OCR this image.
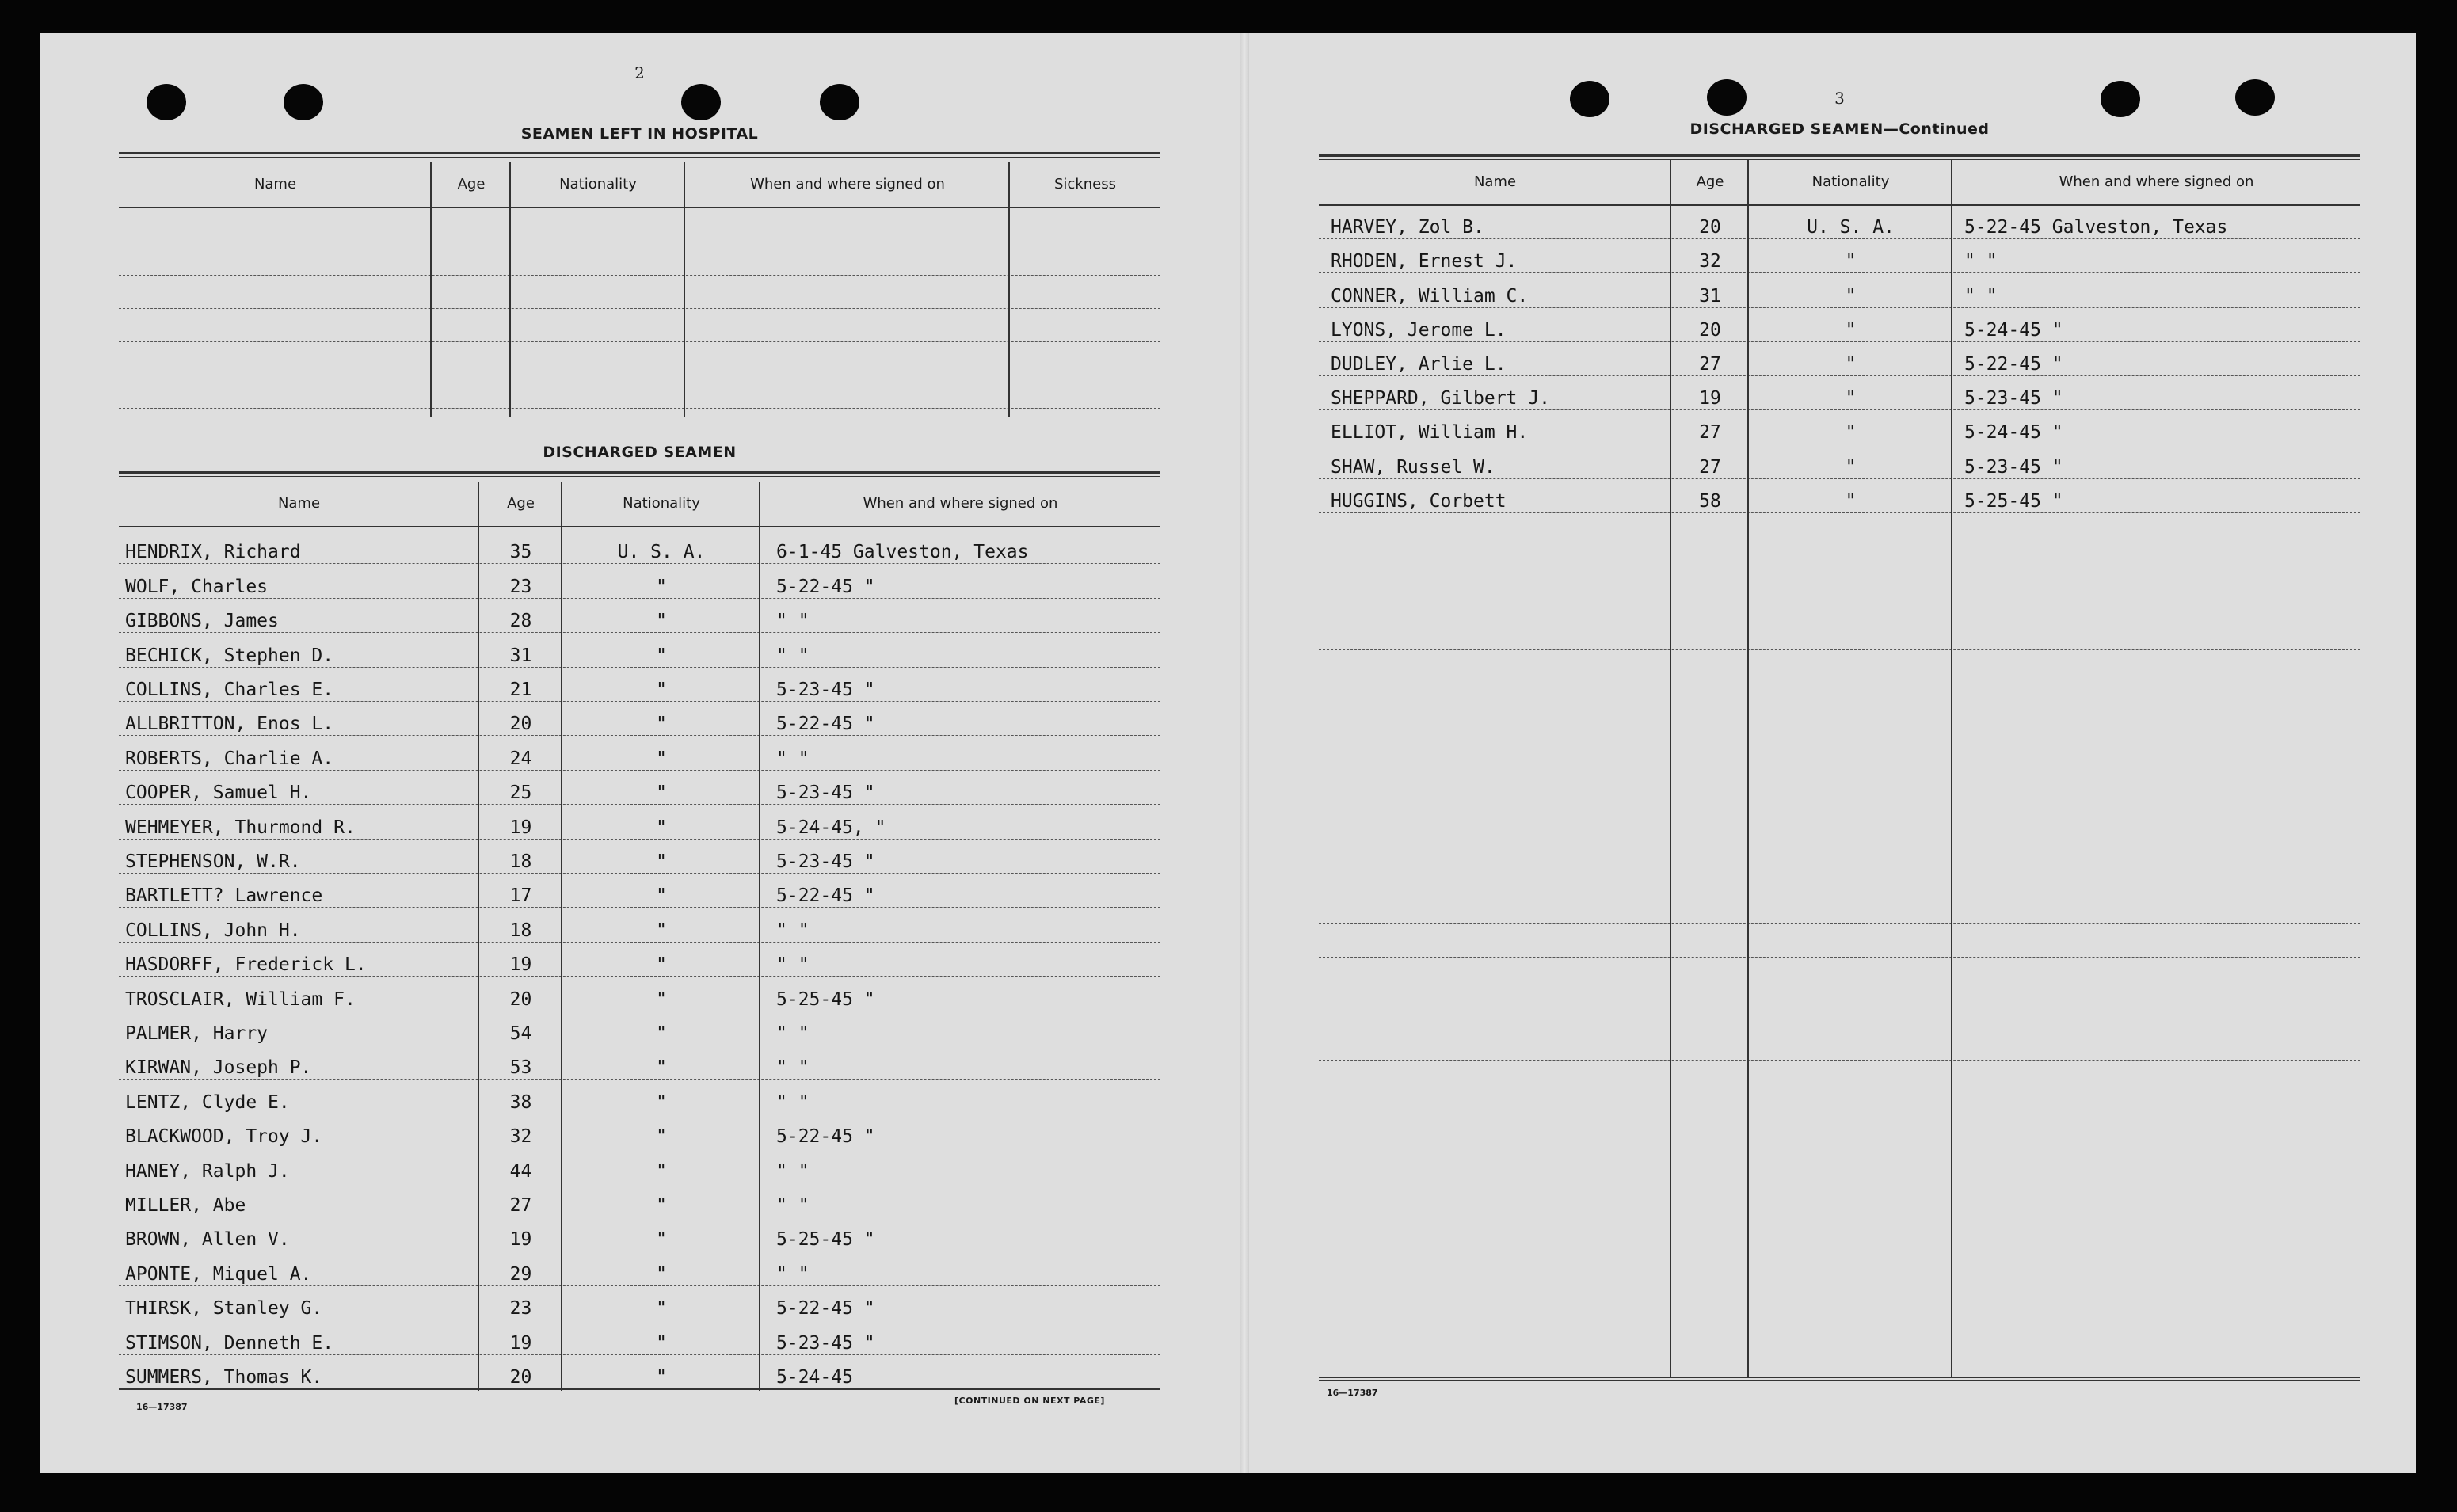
2
SEAMEN LEFT IN HOSPITAL
Name	Age	Nationality	When and where signed on	Sickness
DISCHARGED SEAMEN
Name	Age	Nationality	When and where signed on
HENDRIX, Richard	35	U. S. A.	6-1-45 Galveston, Texas
WOLF, Charles	23	"	5-22-45 "
GIBBONS, James	28	"	" "
BECHICK, Stephen D.	31	"	" "
COLLINS, Charles E.	21	"	5-23-45 "
ALLBRITTON, Enos L.	20	"	5-22-45 "
ROBERTS, Charlie A.	24	"	" "
COOPER, Samuel H.	25	"	5-23-45 "
WEHMEYER, Thurmond R.	19	"	5-24-45, "
STEPHENSON, W.R.	18	"	5-23-45 "
BARTLETT? Lawrence	17	"	5-22-45 "
COLLINS, John H.	18	"	" "
HASDORFF, Frederick L.	19	"	" "
TROSCLAIR, William F.	20	"	5-25-45 "
PALMER, Harry	54	"	" "
KIRWAN, Joseph P.	53	"	" "
LENTZ, Clyde E.	38	"	" "
BLACKWOOD, Troy J.	32	"	5-22-45 "
HANEY, Ralph J.	44	"	" "
MILLER, Abe	27	"	" "
BROWN, Allen V.	19	"	5-25-45 "
APONTE, Miquel A.	29	"	" "
THIRSK, Stanley G.	23	"	5-22-45 "
STIMSON, Denneth E.	19	"	5-23-45 "
SUMMERS, Thomas K.	20	"	5-24-45
16—17387
[CONTINUED ON NEXT PAGE]
3
DISCHARGED SEAMEN—Continued
Name	Age	Nationality	When and where signed on
HARVEY, Zol B.	20	U. S. A.	5-22-45 Galveston, Texas
RHODEN, Ernest J.	32	"	" "
CONNER, William C.	31	"	" "
LYONS, Jerome L.	20	"	5-24-45 "
DUDLEY, Arlie L.	27	"	5-22-45 "
SHEPPARD, Gilbert J.	19	"	5-23-45 "
ELLIOT, William H.	27	"	5-24-45 "
SHAW, Russel W.	27	"	5-23-45 "
HUGGINS, Corbett	58	"	5-25-45 "
16—17387
